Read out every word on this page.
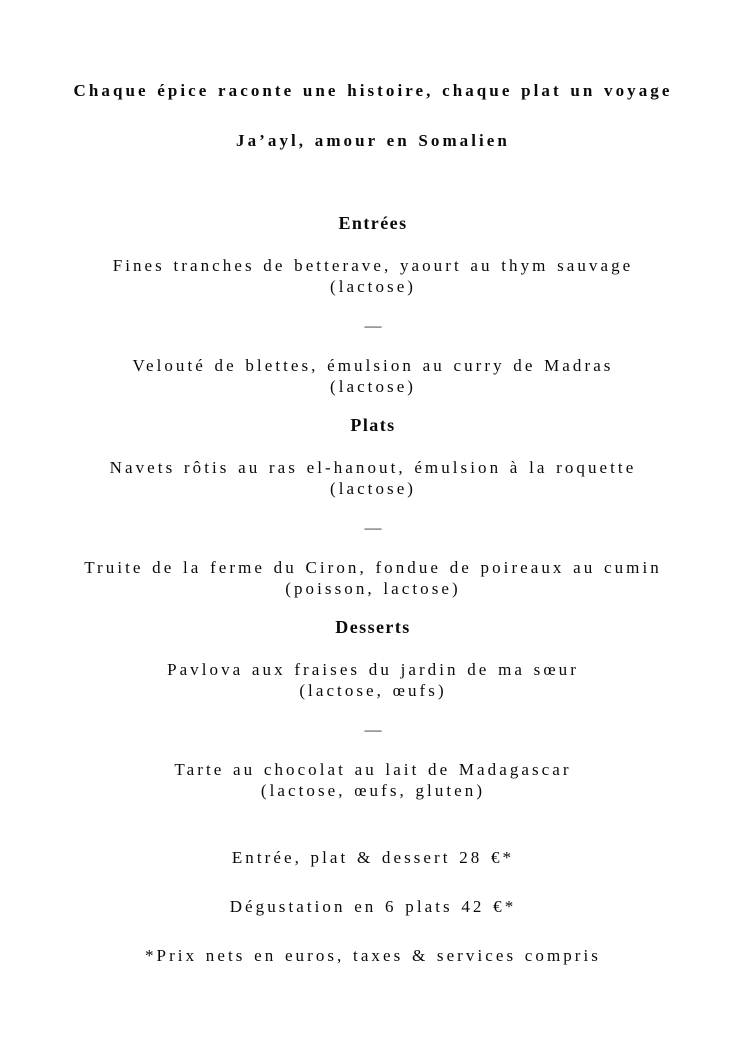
Chaque épice raconte une histoire, chaque plat un voyage
Ja’ayl, amour en Somalien
Entrées

Fines tranches de betterave, yaourt au thym sauvage

(lactose)

—

Velouté de blettes, émulsion au curry de Madras

(lactose)

Plats

Navets rôtis au ras el-hanout, émulsion à la roquette

(lactose)

—

Truite de la ferme du Ciron, fondue de poireaux au cumin

(poisson, lactose)

Desserts

Pavlova aux fraises du jardin de ma sœur

(lactose, œufs)

—

Tarte au chocolat au lait de Madagascar

(lactose, œufs, gluten)

Entrée, plat & dessert 28 €*

Dégustation en 6 plats 42 €*

*Prix nets en euros, taxes & services compris
